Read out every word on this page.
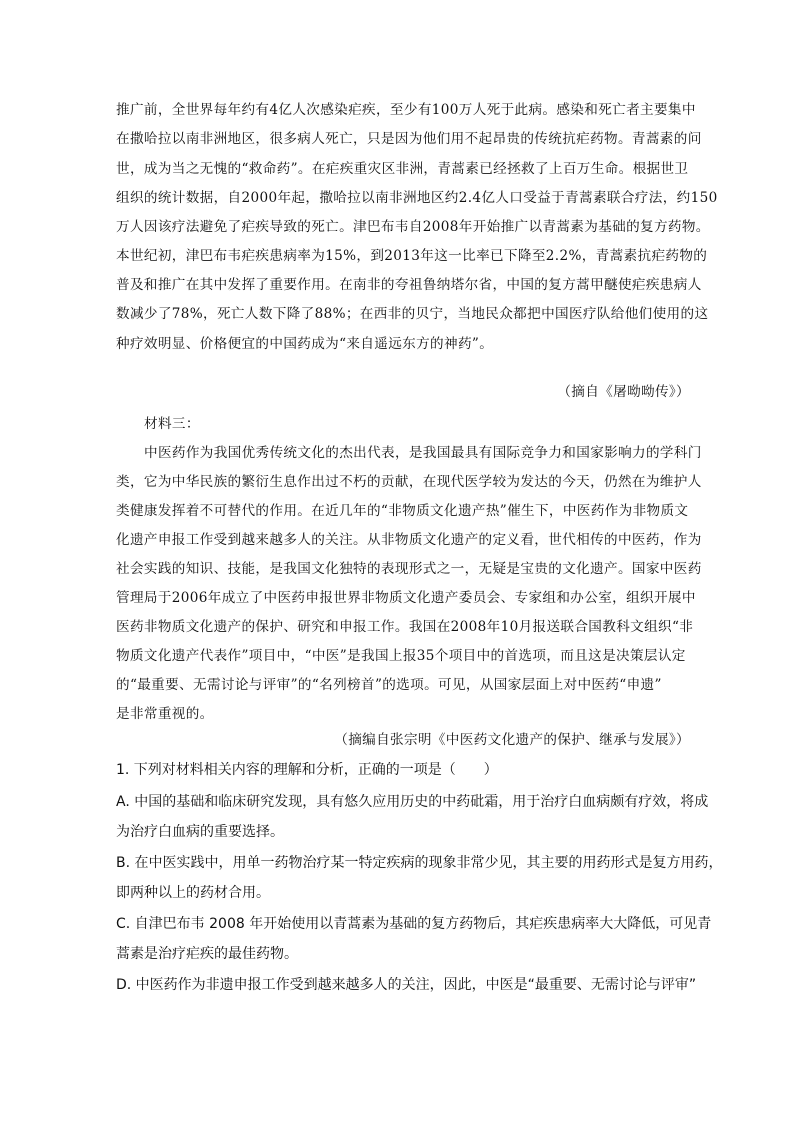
推广前，全世界每年约有4亿人次感染疟疾，至少有100万人死于此病。感染和死亡者主要集中
在撒哈拉以南非洲地区，很多病人死亡，只是因为他们用不起昂贵的传统抗疟药物。青蒿素的问
世，成为当之无愧的“救命药”。在疟疾重灾区非洲，青蒿素已经拯救了上百万生命。根据世卫
组织的统计数据，自2000年起，撒哈拉以南非洲地区约2.4亿人口受益于青蒿素联合疗法，约150
万人因该疗法避免了疟疾导致的死亡。津巴布韦自2008年开始推广以青蒿素为基础的复方药物。
本世纪初，津巴布韦疟疾患病率为15%，到2013年这一比率已下降至2.2%，青蒿素抗疟药物的
普及和推广在其中发挥了重要作用。在南非的夸祖鲁纳塔尔省，中国的复方蒿甲醚使疟疾患病人
数减少了78%，死亡人数下降了88%；在西非的贝宁，当地民众都把中国医疗队给他们使用的这
种疗效明显、价格便宜的中国药成为“来自遥远东方的神药”。
（摘自《屠呦呦传》）
材料三：
中医药作为我国优秀传统文化的杰出代表，是我国最具有国际竞争力和国家影响力的学科门
类，它为中华民族的繁衍生息作出过不朽的贡献，在现代医学较为发达的今天，仍然在为维护人
类健康发挥着不可替代的作用。在近几年的“非物质文化遗产热”催生下，中医药作为非物质文
化遗产申报工作受到越来越多人的关注。从非物质文化遗产的定义看，世代相传的中医药，作为
社会实践的知识、技能，是我国文化独特的表现形式之一，无疑是宝贵的文化遗产。国家中医药
管理局于2006年成立了中医药申报世界非物质文化遗产委员会、专家组和办公室，组织开展中
医药非物质文化遗产的保护、研究和申报工作。我国在2008年10月报送联合国教科文组织“非
物质文化遗产代表作”项目中，“中医”是我国上报35个项目中的首选项，而且这是决策层认定
的“最重要、无需讨论与评审”的“名列榜首”的选项。可见，从国家层面上对中医药“申遗”
是非常重视的。
（摘编自张宗明《中医药文化遗产的保护、继承与发展》）
1. 下列对材料相关内容的理解和分析，正确的一项是（　　）
A. 中国的基础和临床研究发现，具有悠久应用历史的中药砒霜，用于治疗白血病颇有疗效，将成
为治疗白血病的重要选择。
B. 在中医实践中，用单一药物治疗某一特定疾病的现象非常少见，其主要的用药形式是复方用药，
即两种以上的药材合用。
C. 自津巴布韦 2008 年开始使用以青蒿素为基础的复方药物后，其疟疾患病率大大降低，可见青
蒿素是治疗疟疾的最佳药物。
D. 中医药作为非遗申报工作受到越来越多人的关注，因此，中医是“最重要、无需讨论与评审”
